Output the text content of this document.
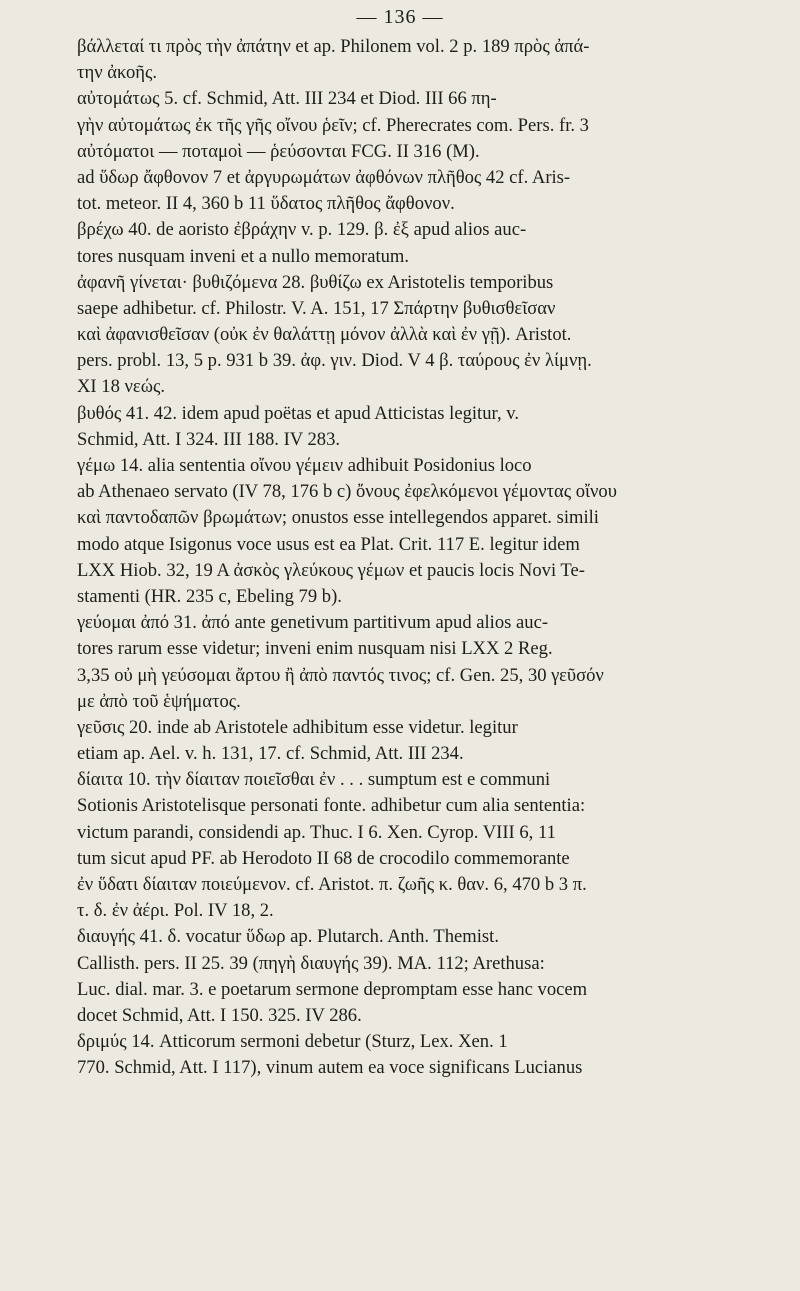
— 136 —
βάλλεταί τι πρὸς τὴν ἀπάτην et ap. Philonem vol. 2 p. 189 πρὸς ἀπά-
την ἀκοῆς.
αὐτομάτως 5. cf. Schmid, Att. III 234 et Diod. III 66 πη-
γὴν αὐτομάτως ἐκ τῆς γῆς οἴνου ῥεῖν; cf. Pherecrates com. Pers. fr. 3
αὐτόματοι — ποταμοὶ — ῥεύσονται FCG. II 316 (M).
ad ὕδωρ ἄφθονον 7 et ἀργυρωμάτων ἀφθόνων πλῆθος 42 cf. Aris-
tot. meteor. II 4, 360 b 11 ὕδατος πλῆθος ἄφθονον.
βρέχω 40. de aoristo ἐβράχην v. p. 129. β. ἐξ apud alios auc-
tores nusquam inveni et a nullo memoratum.
ἀφανῆ γίνεται· βυθιζόμενα 28. βυθίζω ex Aristotelis temporibus
saepe adhibetur. cf. Philostr. V. A. 151, 17 Σπάρτην βυθισθεῖσαν
καὶ ἀφανισθεῖσαν (οὐκ ἐν θαλάττῃ μόνον ἀλλὰ καὶ ἐν γῇ). Aristot.
pers. probl. 13, 5 p. 931 b 39. ἀφ. γιν. Diod. V 4 β. ταύρους ἐν λίμνῃ.
XI 18 νεώς.
βυθός 41. 42. idem apud poëtas et apud Atticistas legitur, v.
Schmid, Att. I 324. III 188. IV 283.
γέμω 14. alia sententia οἴνου γέμειν adhibuit Posidonius loco
ab Athenaeo servato (IV 78, 176 b c) ὄνους ἐφελκόμενοι γέμοντας οἴνου
καὶ παντοδαπῶν βρωμάτων; onustos esse intellegendos apparet. simili
modo atque Isigonus voce usus est ea Plat. Crit. 117 E. legitur idem
LXX Hiob. 32, 19 A ἀσκὸς γλεύκους γέμων et paucis locis Novi Te-
stamenti (HR. 235 c, Ebeling 79 b).
γεύομαι ἀπό 31. ἀπό ante genetivum partitivum apud alios auc-
tores rarum esse videtur; inveni enim nusquam nisi LXX 2 Reg.
3,35 οὐ μὴ γεύσομαι ἄρτου ἢ ἀπὸ παντός τινος; cf. Gen. 25, 30 γεῦσόν
με ἀπὸ τοῦ ἑψήματος.
γεῦσις 20. inde ab Aristotele adhibitum esse videtur. legitur
etiam ap. Ael. v. h. 131, 17. cf. Schmid, Att. III 234.
δίαιτα 10. τὴν δίαιταν ποιεῖσθαι ἐν . . . sumptum est e communi
Sotionis Aristotelisque personati fonte. adhibetur cum alia sententia:
victum parandi, considendi ap. Thuc. I 6. Xen. Cyrop. VIII 6, 11
tum sicut apud PF. ab Herodoto II 68 de crocodilo commemorante
ἐν ὕδατι δίαιταν ποιεύμενον. cf. Aristot. π. ζωῆς κ. θαν. 6, 470 b 3 π.
τ. δ. ἐν ἀέρι. Pol. IV 18, 2.
διαυγής 41. δ. vocatur ὕδωρ ap. Plutarch. Anth. Themist.
Callisth. pers. II 25. 39 (πηγὴ διαυγής 39). MA. 112; Arethusa:
Luc. dial. mar. 3. e poetarum sermone depromptam esse hanc vocem
docet Schmid, Att. I 150. 325. IV 286.
δριμύς 14. Atticorum sermoni debetur (Sturz, Lex. Xen. 1
770. Schmid, Att. I 117), vinum autem ea voce significans Lucianus
